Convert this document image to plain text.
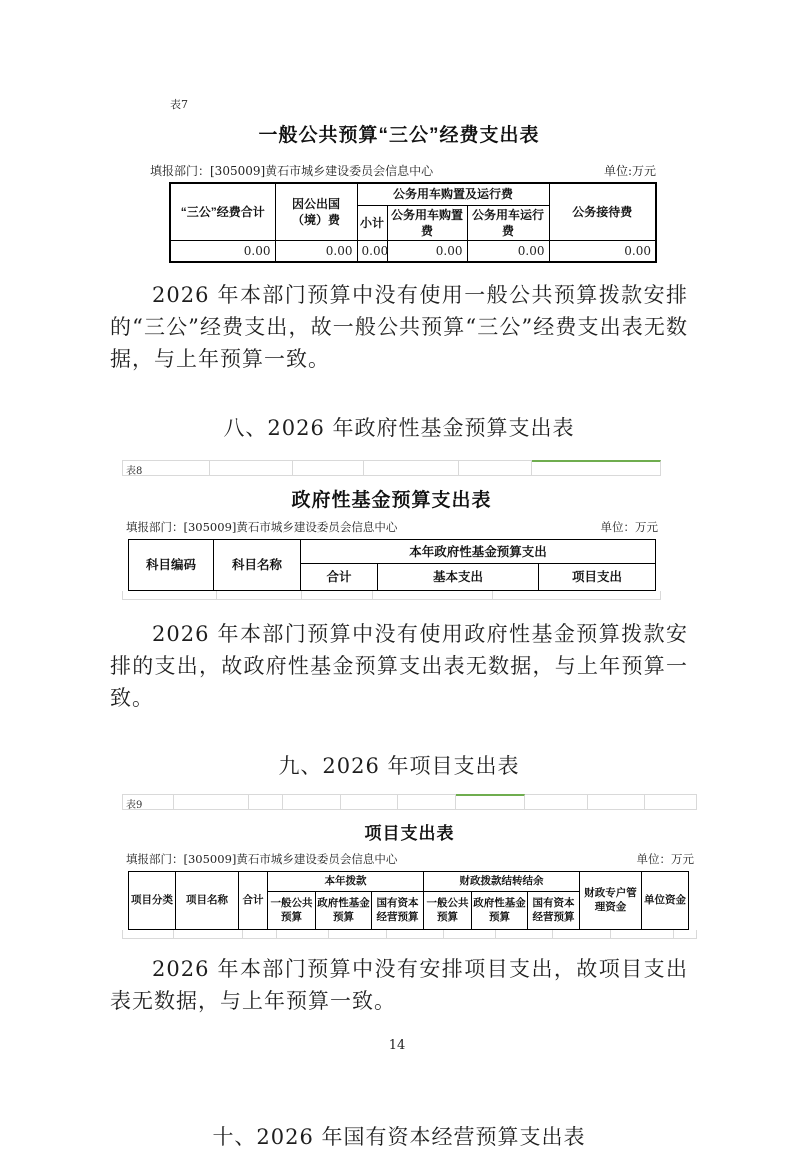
表7
一般公共预算“三公”经费支出表
填报部门：[305009]黄石市城乡建设委员会信息中心	单位:万元
“三公”经费合计	因公出国（境）费	公务用车购置及运行费			公务接待费
		小计	公务用车购置费	公务用车运行费	
0.00	0.00	0.00	0.00	0.00	0.00

2026 年本部门预算中没有使用一般公共预算拨款安排的“三公”经费支出，故一般公共预算“三公”经费支出表无数据，与上年预算一致。

八、2026 年政府性基金预算支出表
表8
政府性基金预算支出表
填报部门：[305009]黄石市城乡建设委员会信息中心	单位：万元
科目编码	科目名称	本年政府性基金预算支出		
		合计	基本支出	项目支出

2026 年本部门预算中没有使用政府性基金预算拨款安排的支出，故政府性基金预算支出表无数据，与上年预算一致。

九、2026 年项目支出表
表9
项目支出表
填报部门：[305009]黄石市城乡建设委员会信息中心	单位：万元
项目分类	项目名称	合计	本年拨款			财政拨款结转结余			财政专户管理资金	单位资金
			一般公共预算	政府性基金预算	国有资本经营预算	一般公共预算	政府性基金预算	国有资本经营预算		

2026 年本部门预算中没有安排项目支出，故项目支出表无数据，与上年预算一致。

十、2026 年国有资本经营预算支出表
14
